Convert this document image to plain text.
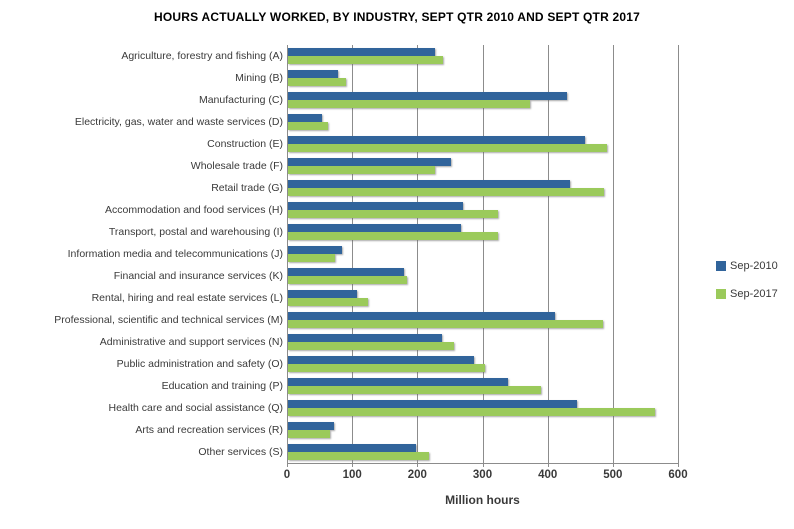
HOURS ACTUALLY WORKED, BY INDUSTRY, SEPT QTR 2010 AND SEPT QTR 2017
Agriculture, forestry and fishing (A)
Mining (B)
Manufacturing (C)
Electricity, gas, water and waste services (D)
Construction (E)
Wholesale trade (F)
Retail trade (G)
Accommodation and food services (H)
Transport, postal and warehousing (I)
Information media and telecommunications (J)
Financial and insurance services (K)
Rental, hiring and real estate services (L)
Professional, scientific and technical services (M)
Administrative and support services (N)
Public administration and safety (O)
Education and training (P)
Health care and social assistance (Q)
Arts and recreation services (R)
Other services (S)
0	100	200	300	400	500	600
Million hours
Sep-2010
Sep-2017
